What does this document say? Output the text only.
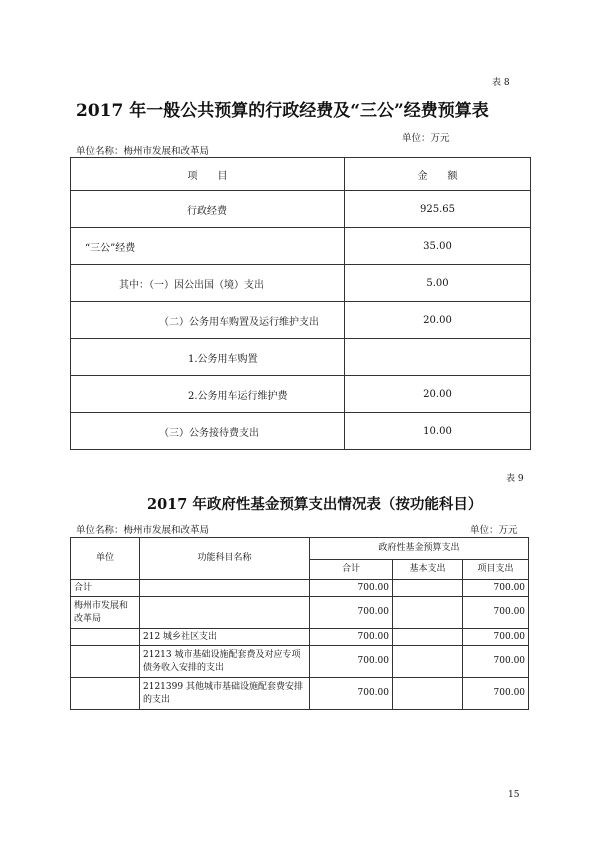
表 8
2017 年一般公共预算的行政经费及“三公”经费预算表
单位：万元
单位名称：梅州市发展和改革局
项　　目	金　　额
行政经费	925.65
“三公”经费	35.00
其中：（一）因公出国（境）支出	5.00
（二）公务用车购置及运行维护支出	20.00
1.公务用车购置	
2.公务用车运行维护费	20.00
（三）公务接待费支出	10.00
表 9
2017 年政府性基金预算支出情况表（按功能科目）
单位名称：梅州市发展和改革局	单位：万元
单位	功能科目名称	政府性基金预算支出		
		合计	基本支出	项目支出
合计		700.00		700.00
梅州市发展和改革局		700.00		700.00
	212 城乡社区支出	700.00		700.00
	21213 城市基础设施配套费及对应专项债务收入安排的支出	700.00		700.00
	2121399 其他城市基础设施配套费安排的支出	700.00		700.00
15
